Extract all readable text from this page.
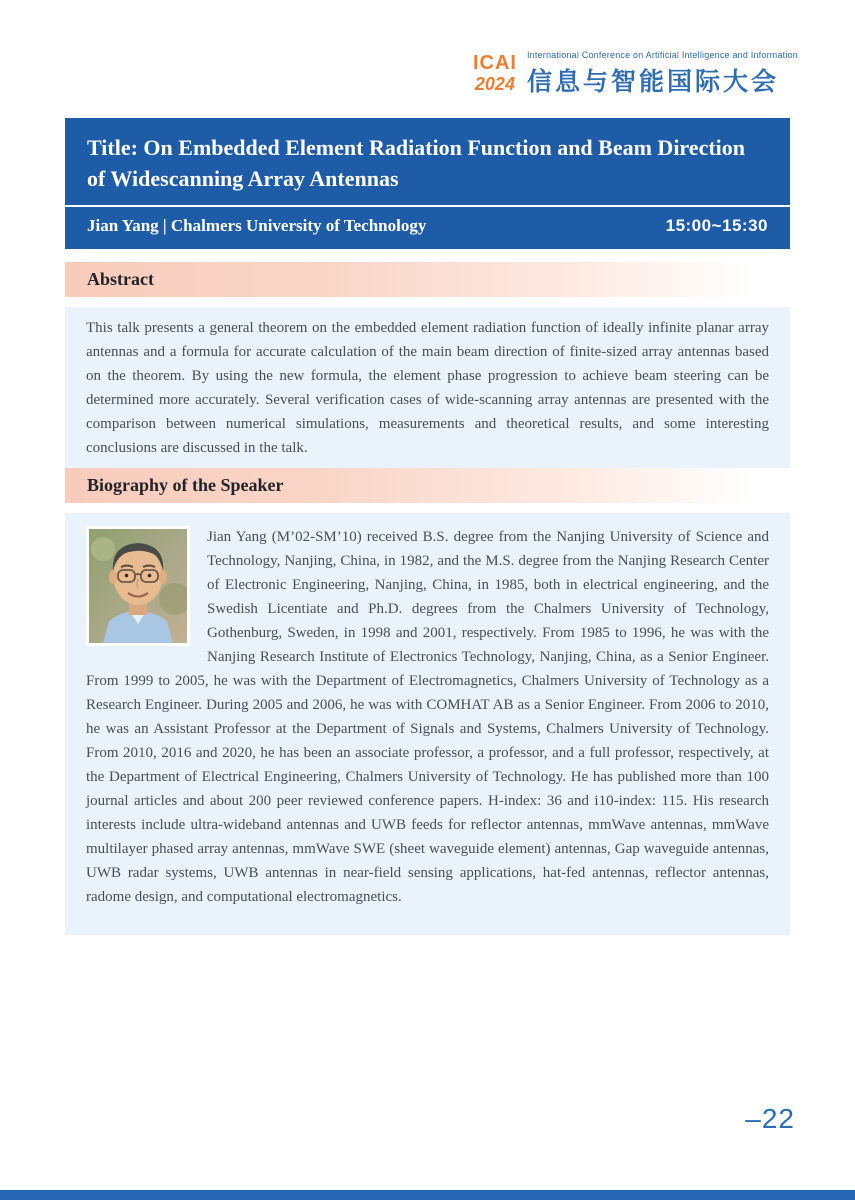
ICAI
2024
International Conference on Artificial Intelligence and Information
信息与智能国际大会
Title: On Embedded Element Radiation Function and Beam Direction of Widescanning Array Antennas
Jian Yang | Chalmers University of Technology	15:00~15:30
Abstract

This talk presents a general theorem on the embedded element radiation function of ideally infinite planar array antennas and a formula for accurate calculation of the main beam direction of finite-sized array antennas based on the theorem. By using the new formula, the element phase progression to achieve beam steering can be determined more accurately. Several verification cases of wide-scanning array antennas are presented with the comparison between numerical simulations, measurements and theoretical results, and some interesting conclusions are discussed in the talk.

Biography of the Speaker

Jian Yang (M’02-SM’10) received B.S. degree from the Nanjing University of Science and Technology, Nanjing, China, in 1982, and the M.S. degree from the Nanjing Research Center of Electronic Engineering, Nanjing, China, in 1985, both in electrical engineering, and the Swedish Licentiate and Ph.D. degrees from the Chalmers University of Technology, Gothenburg, Sweden, in 1998 and 2001, respectively. From 1985 to 1996, he was with the Nanjing Research Institute of Electronics Technology, Nanjing, China, as a Senior Engineer. From 1999 to 2005, he was with the Department of Electromagnetics, Chalmers University of Technology as a Research Engineer. During 2005 and 2006, he was with COMHAT AB as a Senior Engineer. From 2006 to 2010, he was an Assistant Professor at the Department of Signals and Systems, Chalmers University of Technology. From 2010, 2016 and 2020, he has been an associate professor, a professor, and a full professor, respectively, at the Department of Electrical Engineering, Chalmers University of Technology. He has published more than 100 journal articles and about 200 peer reviewed conference papers. H-index: 36 and i10-index: 115. His research interests include ultra-wideband antennas and UWB feeds for reflector antennas, mmWave antennas, mmWave multilayer phased array antennas, mmWave SWE (sheet waveguide element) antennas, Gap waveguide antennas, UWB radar systems, UWB antennas in near-field sensing applications, hat-fed antennas, reflector antennas, radome design, and computational electromagnetics.

–22
